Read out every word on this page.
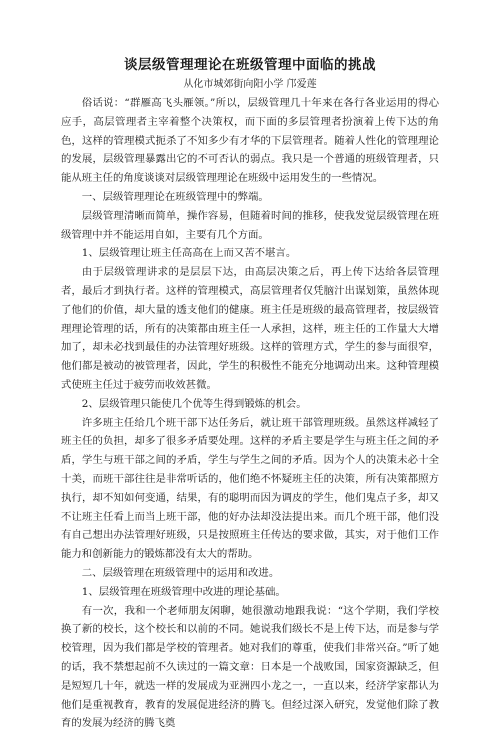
谈层级管理理论在班级管理中面临的挑战
从化市城郊街向阳小学 邝爱莲
俗话说：“群雁高飞头雁领。”所以，层级管理几十年来在各行各业运用的得心应手，高层管理者主宰着整个决策权，而下面的多层管理者扮演着上传下达的角色，这样的管理模式扼杀了不知多少有才华的下层管理者。随着人性化的管理理论的发展，层级管理暴露出它的不可否认的弱点。我只是一个普通的班级管理者，只能从班主任的角度谈谈对层级管理理论在班级中运用发生的一些情况。
一、层级管理理论在班级管理中的弊端。
层级管理清晰而简单，操作容易，但随着时间的推移，使我发觉层级管理在班级管理中并不能运用自如，主要有几个方面。
1、层级管理让班主任高高在上而又苦不堪言。
由于层级管理讲求的是层层下达，由高层决策之后，再上传下达给各层管理者，最后才到执行者。这样的管理模式，高层管理者仅凭脑汁出谋划策，虽然体现了他们的价值，却大量的透支他们的健康。班主任是班级的最高管理者，按层级管理理论管理的话，所有的决策都由班主任一人承担，这样，班主任的工作量大大增加了，却未必找到最佳的办法管理好班级。这样的管理方式，学生的参与面很窄，他们都是被动的被管理者，因此，学生的积极性不能充分地调动出来。这种管理模式使班主任过于疲劳而收效甚微。
2、层级管理只能使几个优等生得到锻炼的机会。
许多班主任给几个班干部下达任务后，就让班干部管理班级。虽然这样减轻了班主任的负担，却多了很多矛盾要处理。这样的矛盾主要是学生与班主任之间的矛盾，学生与班干部之间的矛盾，学生与学生之间的矛盾。因为个人的决策未必十全十美，而班干部往往是非常听话的，他们绝不怀疑班主任的决策，所有决策都照方执行，却不知如何变通，结果，有的聪明而因为调皮的学生，他们鬼点子多，却又不让班主任看上而当上班干部，他的好办法却没法提出来。而几个班干部，他们没有自己想出办法管理好班级，只是按照班主任传达的要求做，其实，对于他们工作能力和创新能力的锻炼都没有太大的帮助。
二、层级管理在班级管理中的运用和改进。
1、层级管理在班级管理中改进的理论基础。
有一次，我和一个老师朋友闲聊，她很激动地跟我说：“这个学期，我们学校换了新的校长，这个校长和以前的不同。她说我们级长不是上传下达，而是参与学校管理，因为我们都是学校的管理者。她对我们的尊重，使我们非常兴奋。”听了她的话，我不禁想起前不久读过的一篇文章：日本是一个战败国，国家资源缺乏，但是短短几十年，就迭一样的发展成为亚洲四小龙之一，一直以来，经济学家都认为他们是重视教育，教育的发展促进经济的腾飞。但经过深入研究，发觉他们除了教育的发展为经济的腾飞奠
